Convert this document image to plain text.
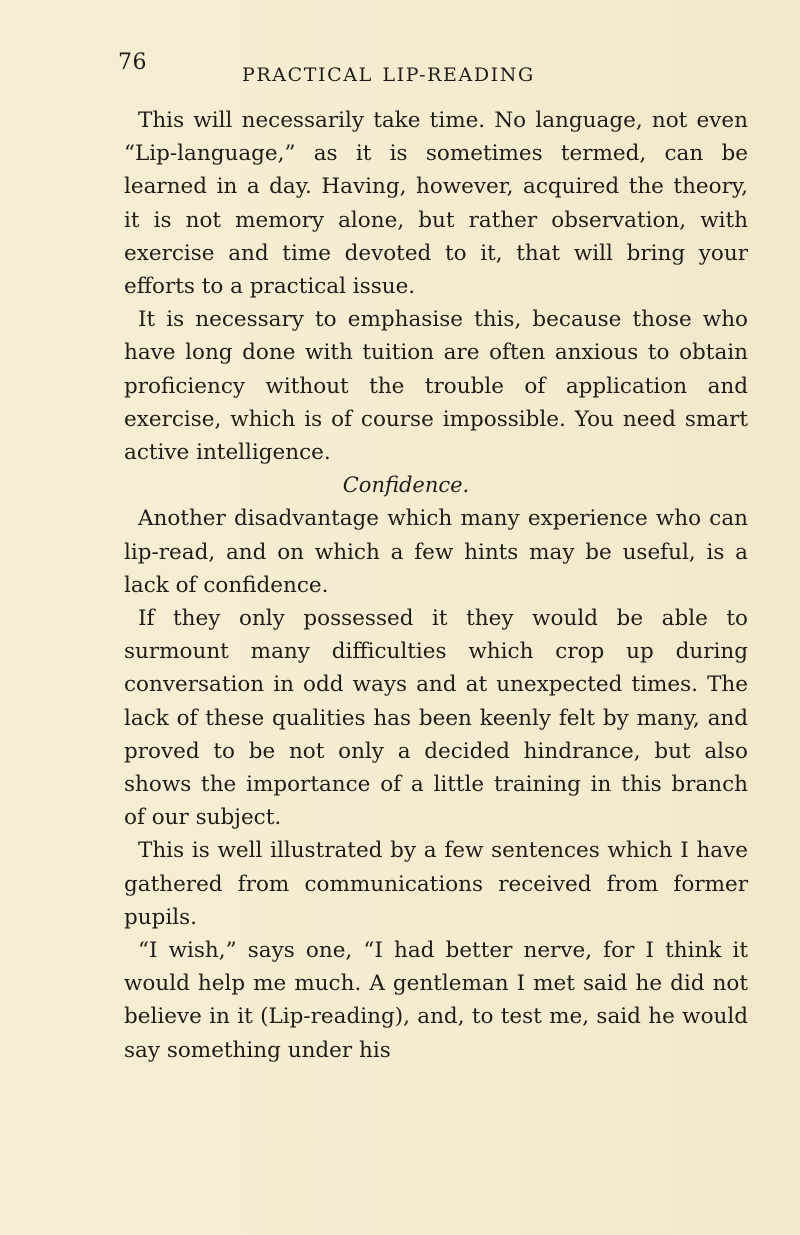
76	PRACTICAL LIP-READING

This will necessarily take time. No language, not even “Lip-language,” as it is sometimes termed, can be learned in a day. Having, however, acquired the theory, it is not memory alone, but rather observation, with exercise and time devoted to it, that will bring your efforts to a practical issue.

It is necessary to emphasise this, because those who have long done with tuition are often anxious to obtain proficiency without the trouble of application and exercise, which is of course impossible. You need smart active intelligence.

Confidence.

Another disadvantage which many experience who can lip-read, and on which a few hints may be useful, is a lack of confidence.

If they only possessed it they would be able to surmount many difficulties which crop up during conversation in odd ways and at unexpected times. The lack of these qualities has been keenly felt by many, and proved to be not only a decided hindrance, but also shows the importance of a little training in this branch of our subject.

This is well illustrated by a few sentences which I have gathered from communications received from former pupils.

“I wish,” says one, “I had better nerve, for I think it would help me much. A gentleman I met said he did not believe in it (Lip-reading), and, to test me, said he would say something under his
